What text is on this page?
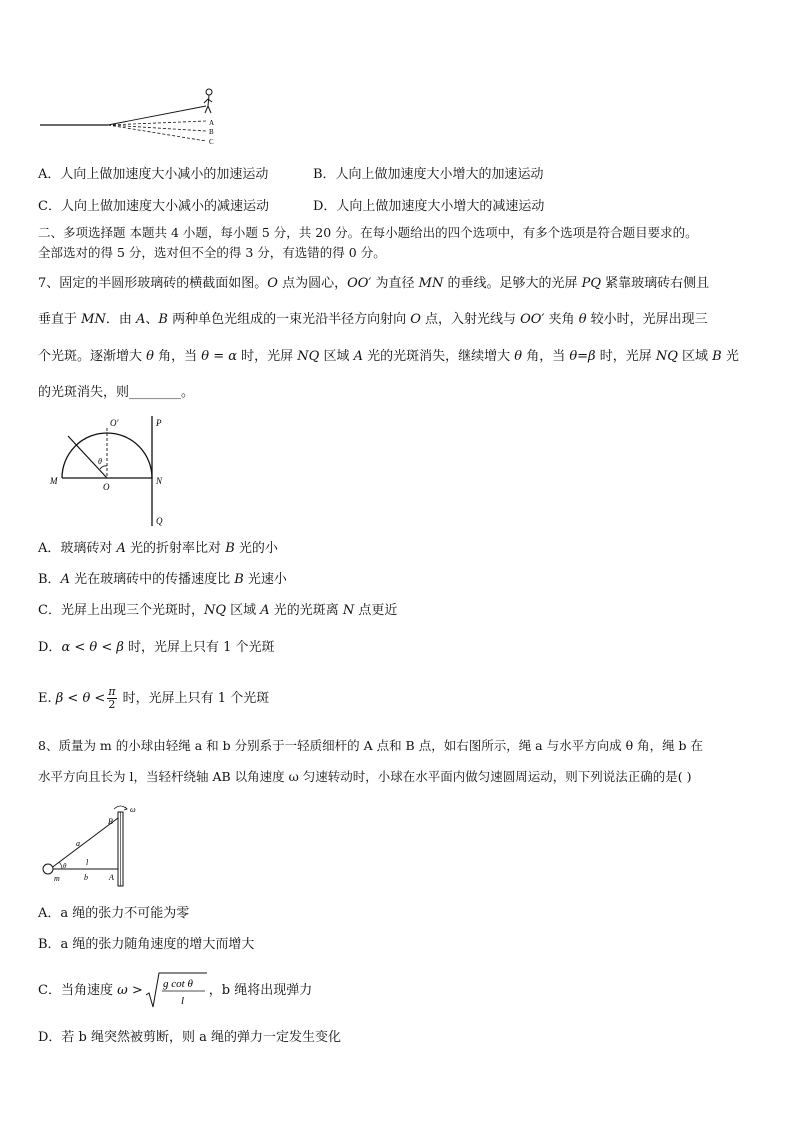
A
B
C
A．人向上做加速度大小减小的加速运动	B．人向上做加速度大小增大的加速运动
C．人向上做加速度大小减小的减速运动	D．人向上做加速度大小增大的减速运动
二、多项选择题 本题共 4 小题，每小题 5 分，共 20 分。在每小题给出的四个选项中，有多个选项是符合题目要求的。
全部选对的得 5 分，选对但不全的得 3 分，有选错的得 0 分。
7、固定的半圆形玻璃砖的横截面如图。O 点为圆心，OO′ 为直径 MN 的垂线。足够大的光屏 PQ 紧靠玻璃砖右侧且
垂直于 MN．由 A、B 两种单色光组成的一束光沿半径方向射向 O 点，入射光线与 OO′ 夹角 θ 较小时，光屏出现三
个光斑。逐渐增大 θ 角，当 θ = α 时，光屏 NQ 区域 A 光的光斑消失，继续增大 θ 角，当 θ=β 时，光屏 NQ 区域 B 光
的光斑消失，则________。
O′	P
θ
M
O
N
Q
A．玻璃砖对 A 光的折射率比对 B 光的小
B．A 光在玻璃砖中的传播速度比 B 光速小
C．光屏上出现三个光斑时，NQ 区域 A 光的光斑离 N 点更近
D．α < θ < β 时，光屏上只有 1 个光斑
E. $\beta < \theta < \frac{\pi}{2}$ 时，光屏上只有 1 个光斑
8、质量为 m 的小球由轻绳 a 和 b 分别系于一轻质细杆的 A 点和 B 点，如右图所示，绳 a 与水平方向成 θ 角，绳 b 在
水平方向且长为 l，当轻杆绕轴 AB 以角速度 ω 匀速转动时，小球在水平面内做匀速圆周运动，则下列说法正确的是( )
ω
B
a
l
θ
m	b	A
A．a 绳的张力不可能为零
B．a 绳的张力随角速度的增大而增大
C．当角速度 ω > g cot θ
l
，b 绳将出现弹力
D．若 b 绳突然被剪断，则 a 绳的弹力一定发生变化
